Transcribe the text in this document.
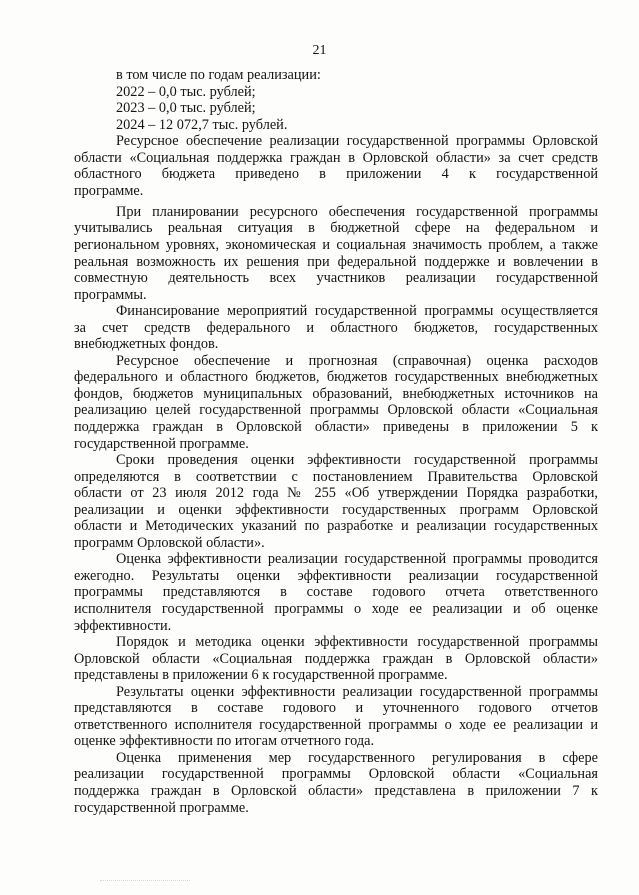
21
в том числе по годам реализации:
2022 – 0,0 тыс. рублей;
2023 – 0,0 тыс. рублей;
2024 – 12 072,7 тыс. рублей.
Ресурсное обеспечение реализации государственной программы Орловской
области «Социальная поддержка граждан в Орловской области» за счет средств
областного бюджета приведено в приложении 4 к государственной
программе.
При планировании ресурсного обеспечения государственной программы
учитывались реальная ситуация в бюджетной сфере на федеральном и
региональном уровнях, экономическая и социальная значимость проблем, а также
реальная возможность их решения при федеральной поддержке и вовлечении в
совместную деятельность всех участников реализации государственной
программы.
Финансирование мероприятий государственной программы осуществляется
за счет средств федерального и областного бюджетов, государственных
внебюджетных фондов.
Ресурсное обеспечение и прогнозная (справочная) оценка расходов
федерального и областного бюджетов, бюджетов государственных внебюджетных
фондов, бюджетов муниципальных образований, внебюджетных источников на
реализацию целей государственной программы Орловской области «Социальная
поддержка граждан в Орловской области» приведены в приложении 5 к
государственной программе.
Сроки проведения оценки эффективности государственной программы
определяются в соответствии с постановлением Правительства Орловской
области от 23 июля 2012 года № 255 «Об утверждении Порядка разработки,
реализации и оценки эффективности государственных программ Орловской
области и Методических указаний по разработке и реализации государственных
программ Орловской области».
Оценка эффективности реализации государственной программы проводится
ежегодно. Результаты оценки эффективности реализации государственной
программы представляются в составе годового отчета ответственного
исполнителя государственной программы о ходе ее реализации и об оценке
эффективности.
Порядок и методика оценки эффективности государственной программы
Орловской области «Социальная поддержка граждан в Орловской области»
представлены в приложении 6 к государственной программе.
Результаты оценки эффективности реализации государственной программы
представляются в составе годового и уточненного годового отчетов
ответственного исполнителя государственной программы о ходе ее реализации и
оценке эффективности по итогам отчетного года.
Оценка применения мер государственного регулирования в сфере
реализации государственной программы Орловской области «Социальная
поддержка граждан в Орловской области» представлена в приложении 7 к
государственной программе.
